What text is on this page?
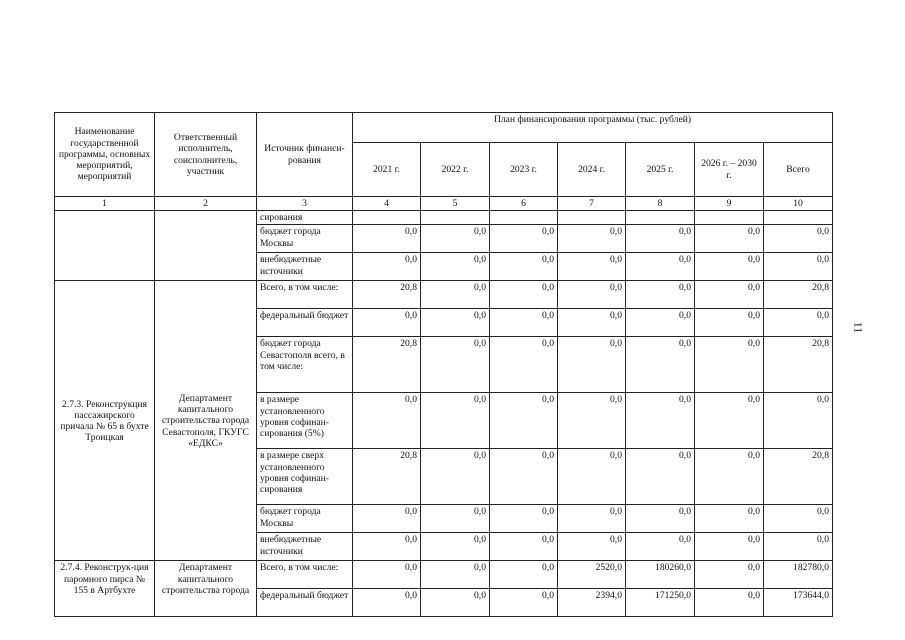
Наименование государственной программы, основных мероприятий, мероприятий	Ответственный исполнитель, соисполнитель, участник	Источник финанси-рования	План финансирования программы (тыс. рублей)						
			2021 г.	2022 г.	2023 г.	2024 г.	2025 г.	2026 г. – 2030 г.	Всего
1	2	3	4	5	6	7	8	9	10
		сирования							
		бюджет города Москвы	0,0	0,0	0,0	0,0	0,0	0,0	0,0
		внебюджетные источники	0,0	0,0	0,0	0,0	0,0	0,0	0,0
2.7.3. Реконструкция пассажирского причала № 65 в бухте Троицкая	Департамент капитального строительства города Севастополя, ГКУГС «ЕДКС»	Всего, в том числе:	20,8	0,0	0,0	0,0	0,0	0,0	20,8
		федеральный бюджет	0,0	0,0	0,0	0,0	0,0	0,0	0,0
		бюджет города Севастополя всего, в том числе:	20,8	0,0	0,0	0,0	0,0	0,0	20,8
		в размере установленного уровня софинан-сирования (5%)	0,0	0,0	0,0	0,0	0,0	0,0	0,0
		в размере сверх установленного уровня софинан-сирования	20,8	0,0	0,0	0,0	0,0	0,0	20,8
		бюджет города Москвы	0,0	0,0	0,0	0,0	0,0	0,0	0,0
		внебюджетные источники	0,0	0,0	0,0	0,0	0,0	0,0	0,0
2.7.4. Реконструк-ция паромного пирса № 155 в Артбухте	Департамент капитального строительства города	Всего, в том числе:	0,0	0,0	0,0	2520,0	180260,0	0,0	182780,0
		федеральный бюджет	0,0	0,0	0,0	2394,0	171250,0	0,0	173644,0
11
